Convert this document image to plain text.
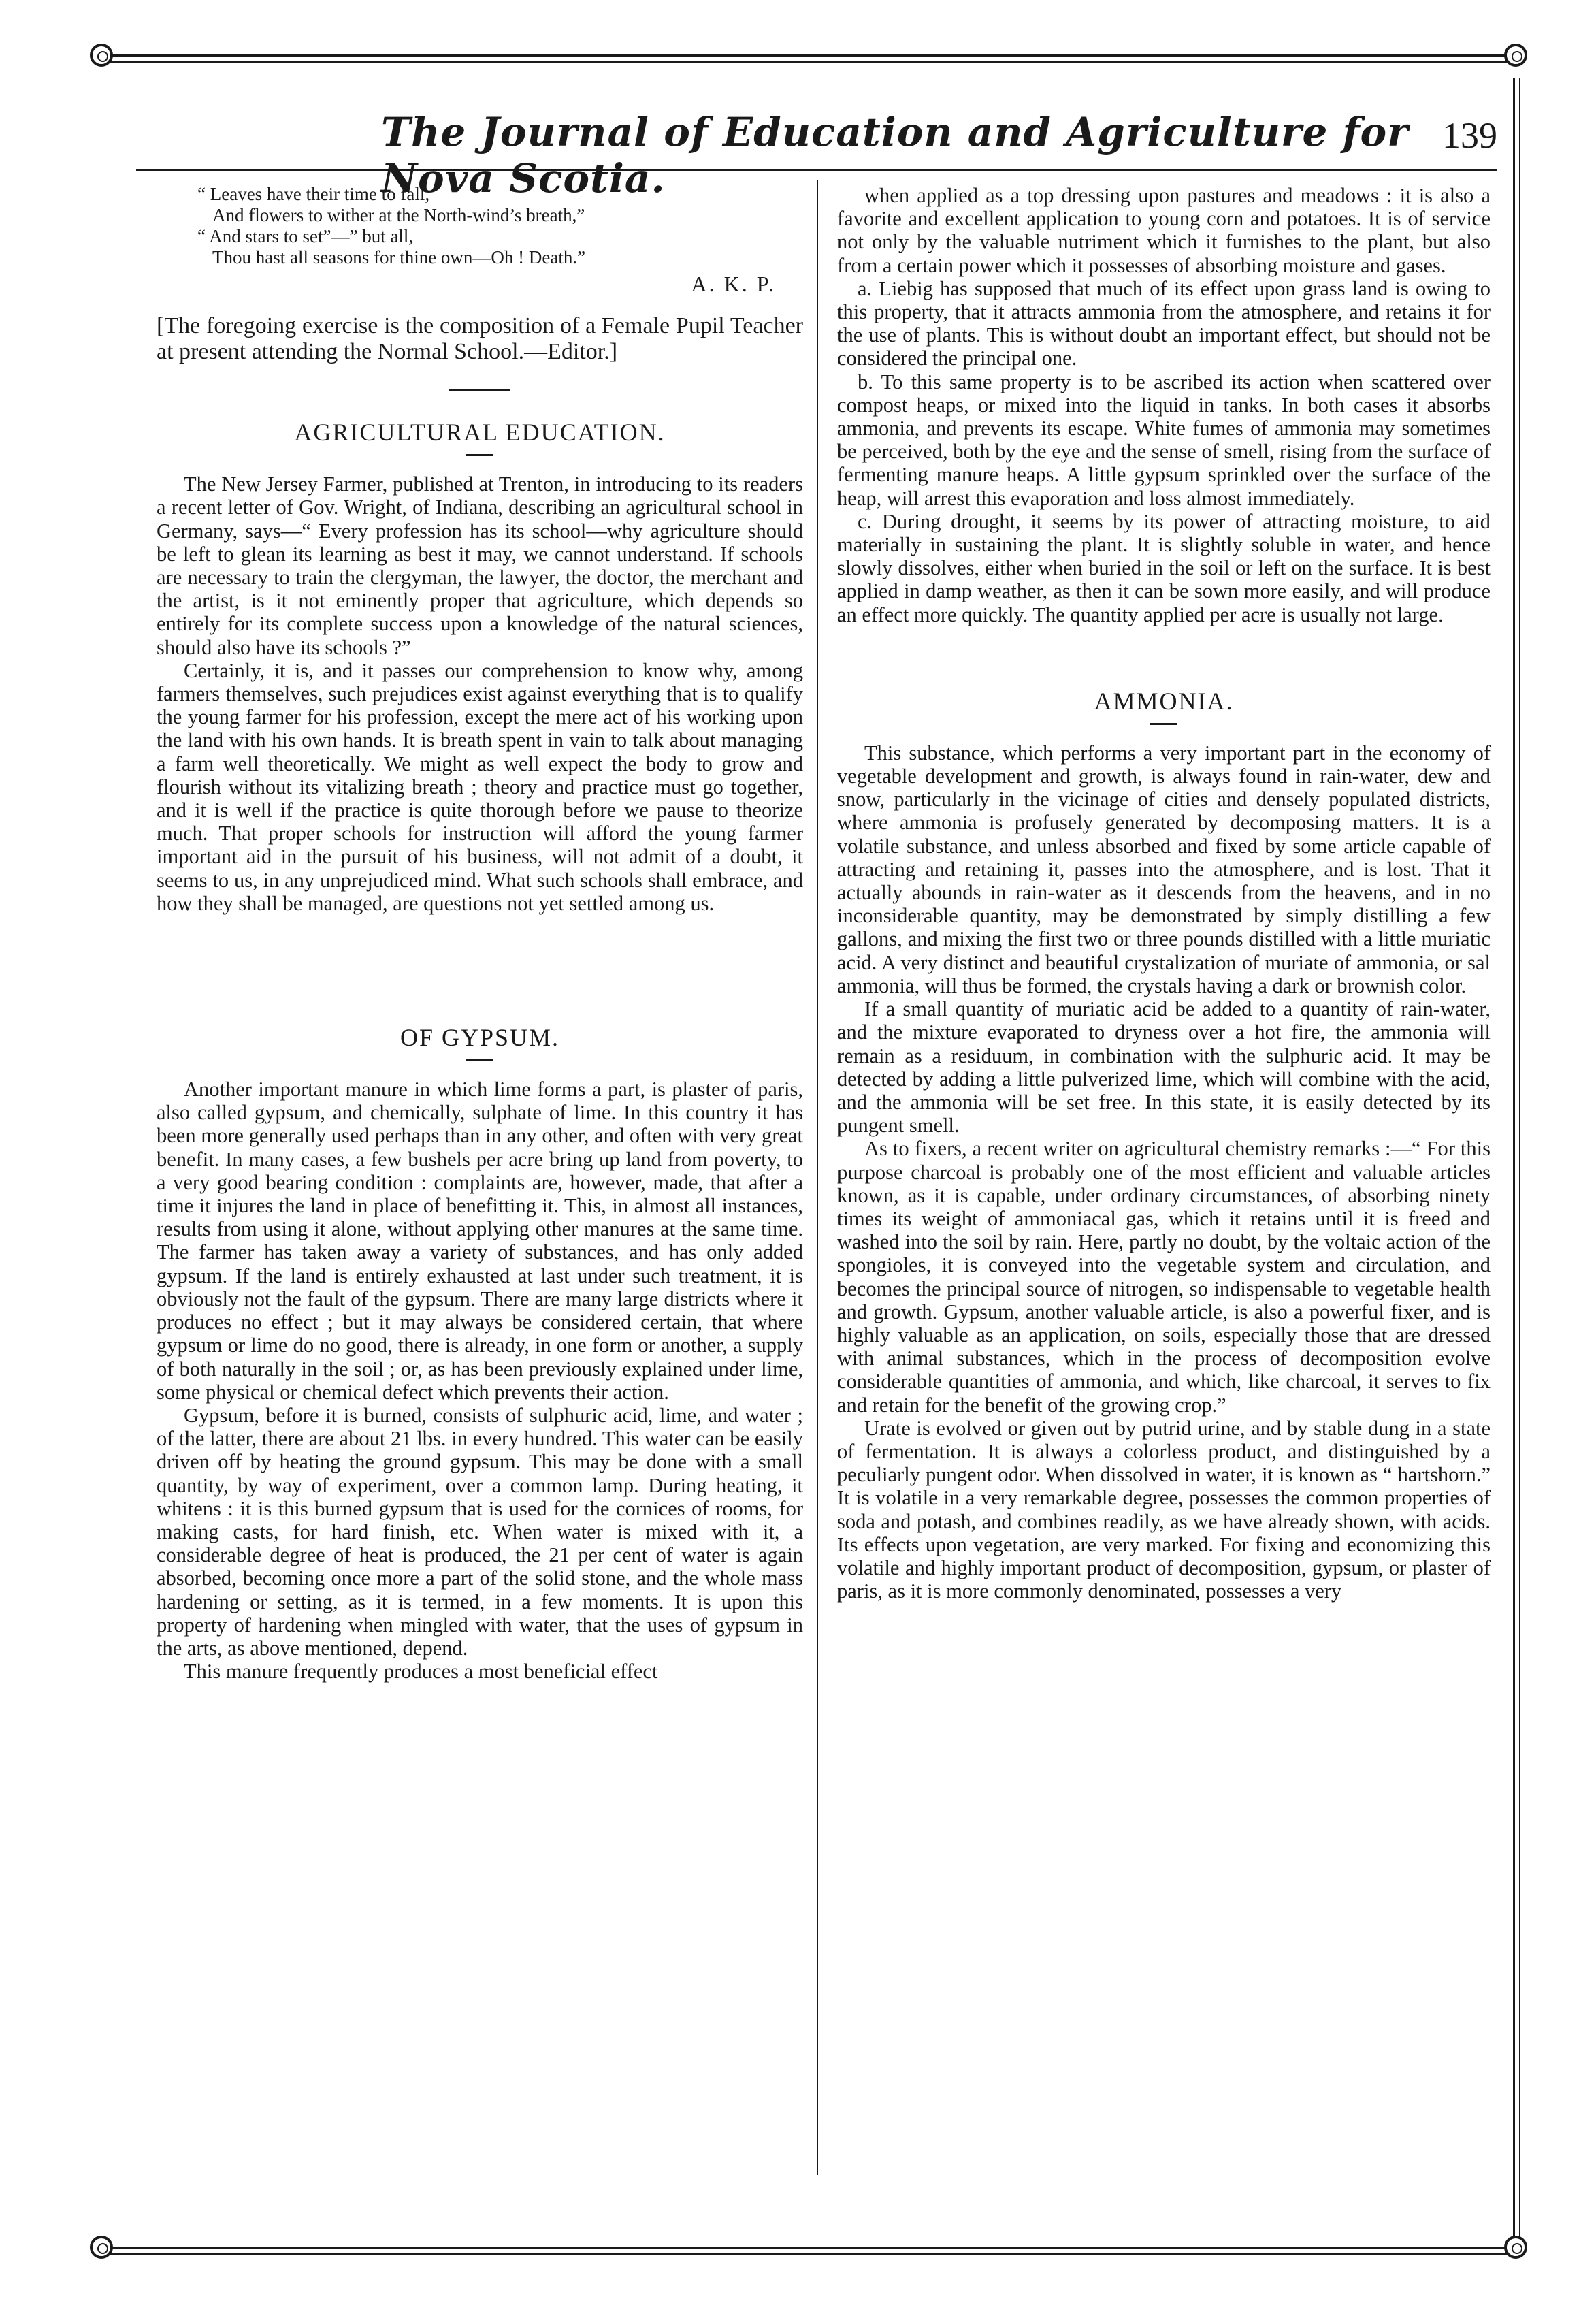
The Journal of Education and Agriculture for Nova Scotia.
139
“ Leaves have their time to fall,
And flowers to wither at the North-wind’s breath,”
“ And stars to set”—” but all,
Thou hast all seasons for thine own—Oh ! Death.”
A. K. P.

[The foregoing exercise is the composition of a Female Pupil Teacher at present attending the Normal School.—Editor.]

AGRICULTURAL EDUCATION.

The New Jersey Farmer, published at Trenton, in introducing to its readers a recent letter of Gov. Wright, of Indiana, describing an agricultural school in Germany, says—“ Every profession has its school—why agriculture should be left to glean its learning as best it may, we cannot understand. If schools are necessary to train the clergyman, the lawyer, the doctor, the merchant and the artist, is it not eminently proper that agriculture, which depends so entirely for its complete success upon a knowledge of the natural sciences, should also have its schools ?”

Certainly, it is, and it passes our comprehension to know why, among farmers themselves, such prejudices exist against everything that is to qualify the young farmer for his profession, except the mere act of his working upon the land with his own hands. It is breath spent in vain to talk about managing a farm well theoretically. We might as well expect the body to grow and flourish without its vitalizing breath ; theory and practice must go together, and it is well if the practice is quite thorough before we pause to theorize much. That proper schools for instruction will afford the young farmer important aid in the pursuit of his business, will not admit of a doubt, it seems to us, in any unprejudiced mind. What such schools shall embrace, and how they shall be managed, are questions not yet settled among us.

OF GYPSUM.

Another important manure in which lime forms a part, is plaster of paris, also called gypsum, and chemically, sulphate of lime. In this country it has been more generally used perhaps than in any other, and often with very great benefit. In many cases, a few bushels per acre bring up land from poverty, to a very good bearing condition : complaints are, however, made, that after a time it injures the land in place of benefitting it. This, in almost all instances, results from using it alone, without applying other manures at the same time. The farmer has taken away a variety of substances, and has only added gypsum. If the land is entirely exhausted at last under such treatment, it is obviously not the fault of the gypsum. There are many large districts where it produces no effect ; but it may always be considered certain, that where gypsum or lime do no good, there is already, in one form or another, a supply of both naturally in the soil ; or, as has been previously explained under lime, some physical or chemical defect which prevents their action.

Gypsum, before it is burned, consists of sulphuric acid, lime, and water ; of the latter, there are about 21 lbs. in every hundred. This water can be easily driven off by heating the ground gypsum. This may be done with a small quantity, by way of experiment, over a common lamp. During heating, it whitens : it is this burned gypsum that is used for the cornices of rooms, for making casts, for hard finish, etc. When water is mixed with it, a considerable degree of heat is produced, the 21 per cent of water is again absorbed, becoming once more a part of the solid stone, and the whole mass hardening or setting, as it is termed, in a few moments. It is upon this property of hardening when mingled with water, that the uses of gypsum in the arts, as above mentioned, depend.

This manure frequently produces a most beneficial effect

when applied as a top dressing upon pastures and meadows : it is also a favorite and excellent application to young corn and potatoes. It is of service not only by the valuable nutriment which it furnishes to the plant, but also from a certain power which it possesses of absorbing moisture and gases.

a. Liebig has supposed that much of its effect upon grass land is owing to this property, that it attracts ammonia from the atmosphere, and retains it for the use of plants. This is without doubt an important effect, but should not be considered the principal one.

b. To this same property is to be ascribed its action when scattered over compost heaps, or mixed into the liquid in tanks. In both cases it absorbs ammonia, and prevents its escape. White fumes of ammonia may sometimes be perceived, both by the eye and the sense of smell, rising from the surface of fermenting manure heaps. A little gypsum sprinkled over the surface of the heap, will arrest this evaporation and loss almost immediately.

c. During drought, it seems by its power of attracting moisture, to aid materially in sustaining the plant. It is slightly soluble in water, and hence slowly dissolves, either when buried in the soil or left on the surface. It is best applied in damp weather, as then it can be sown more easily, and will produce an effect more quickly. The quantity applied per acre is usually not large.

AMMONIA.

This substance, which performs a very important part in the economy of vegetable development and growth, is always found in rain-water, dew and snow, particularly in the vicinage of cities and densely populated districts, where ammonia is profusely generated by decomposing matters. It is a volatile substance, and unless absorbed and fixed by some article capable of attracting and retaining it, passes into the atmosphere, and is lost. That it actually abounds in rain-water as it descends from the heavens, and in no inconsiderable quantity, may be demonstrated by simply distilling a few gallons, and mixing the first two or three pounds distilled with a little muriatic acid. A very distinct and beautiful crystalization of muriate of ammonia, or sal ammonia, will thus be formed, the crystals having a dark or brownish color.

If a small quantity of muriatic acid be added to a quantity of rain-water, and the mixture evaporated to dryness over a hot fire, the ammonia will remain as a residuum, in combination with the sulphuric acid. It may be detected by adding a little pulverized lime, which will combine with the acid, and the ammonia will be set free. In this state, it is easily detected by its pungent smell.

As to fixers, a recent writer on agricultural chemistry remarks :—“ For this purpose charcoal is probably one of the most efficient and valuable articles known, as it is capable, under ordinary circumstances, of absorbing ninety times its weight of ammoniacal gas, which it retains until it is freed and washed into the soil by rain. Here, partly no doubt, by the voltaic action of the spongioles, it is conveyed into the vegetable system and circulation, and becomes the principal source of nitrogen, so indispensable to vegetable health and growth. Gypsum, another valuable article, is also a powerful fixer, and is highly valuable as an application, on soils, especially those that are dressed with animal substances, which in the process of decomposition evolve considerable quantities of ammonia, and which, like charcoal, it serves to fix and retain for the benefit of the growing crop.”

Urate is evolved or given out by putrid urine, and by stable dung in a state of fermentation. It is always a colorless product, and distinguished by a peculiarly pungent odor. When dissolved in water, it is known as “ hartshorn.” It is volatile in a very remarkable degree, possesses the common properties of soda and potash, and combines readily, as we have already shown, with acids. Its effects upon vegetation, are very marked. For fixing and economizing this volatile and highly important product of decomposition, gypsum, or plaster of paris, as it is more commonly denominated, possesses a very
